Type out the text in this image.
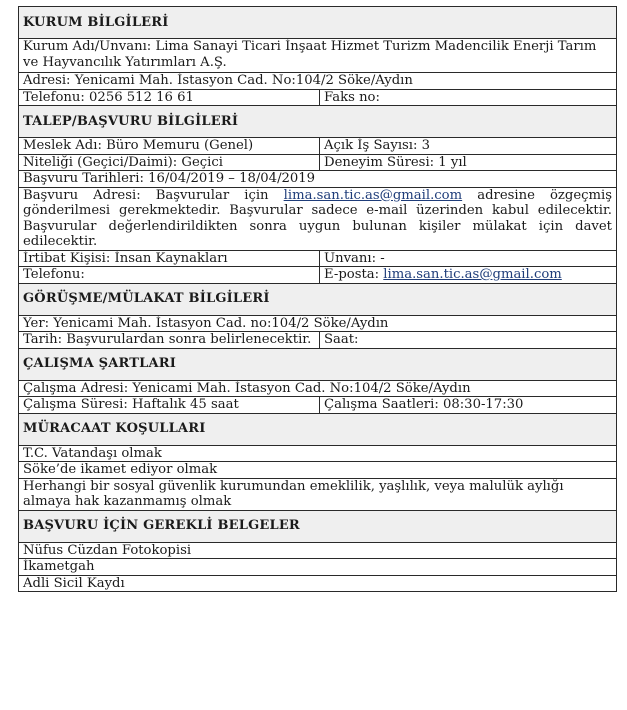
KURUM BİLGİLERİ	
Kurum Adı/Unvanı: Lima Sanayi Ticari İnşaat Hizmet Turizm Madencilik Enerji Tarım ve Hayvancılık Yatırımları A.Ş.	
Adresi: Yenicami Mah. İstasyon Cad. No:104/2 Söke/Aydın	
Telefonu: 0256 512 16 61	Faks no:
TALEP/BAŞVURU BİLGİLERİ	
Meslek Adı: Büro Memuru (Genel)	Açık İş Sayısı: 3
Niteliği (Geçici/Daimi): Geçici	Deneyim Süresi: 1 yıl
Başvuru Tarihleri: 16/04/2019 – 18/04/2019	
Başvuru Adresi: Başvurular için lima.san.tic.as@gmail.com adresine özgeçmiş gönderilmesi gerekmektedir. Başvurular sadece e-mail üzerinden kabul edilecektir. Başvurular değerlendirildikten sonra uygun bulunan kişiler mülakat için davet edilecektir.	
İrtibat Kişisi: İnsan Kaynakları	Unvanı: -
Telefonu:	E-posta: lima.san.tic.as@gmail.com
GÖRÜŞME/MÜLAKAT BİLGİLERİ	
Yer: Yenicami Mah. İstasyon Cad. no:104/2 Söke/Aydın	
Tarih: Başvurulardan sonra belirlenecektir.	Saat:
ÇALIŞMA ŞARTLARI	
Çalışma Adresi: Yenicami Mah. İstasyon Cad. No:104/2 Söke/Aydın	
Çalışma Süresi: Haftalık 45 saat	Çalışma Saatleri: 08:30-17:30
MÜRACAAT KOŞULLARI	
T.C. Vatandaşı olmak	
Söke’de ikamet ediyor olmak	
Herhangi bir sosyal güvenlik kurumundan emeklilik, yaşlılık, veya malulük aylığı almaya hak kazanmamış olmak	
BAŞVURU İÇİN GEREKLİ BELGELER	
Nüfus Cüzdan Fotokopisi	
İkametgah	
Adli Sicil Kaydı	
